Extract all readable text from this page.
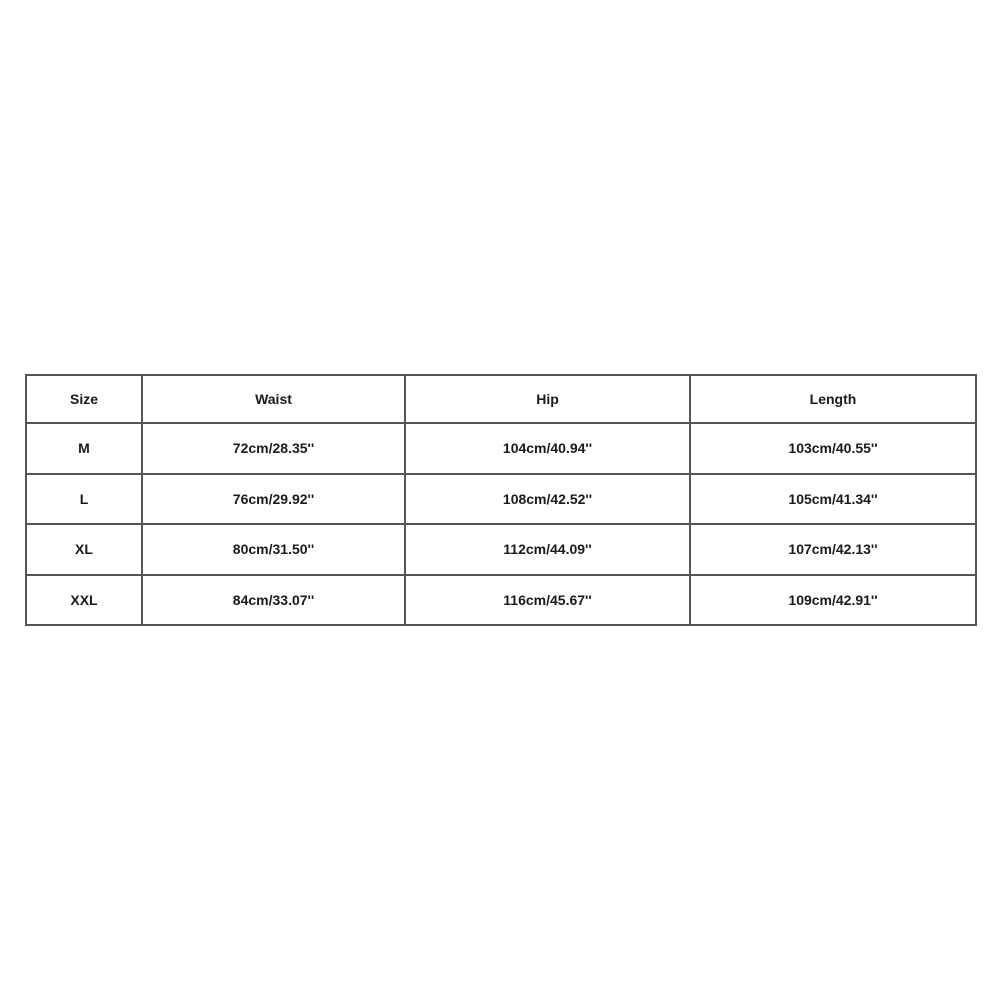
Size	Waist	Hip	Length
M	72cm/28.35''	104cm/40.94''	103cm/40.55''
L	76cm/29.92''	108cm/42.52''	105cm/41.34''
XL	80cm/31.50''	112cm/44.09''	107cm/42.13''
XXL	84cm/33.07''	116cm/45.67''	109cm/42.91''
